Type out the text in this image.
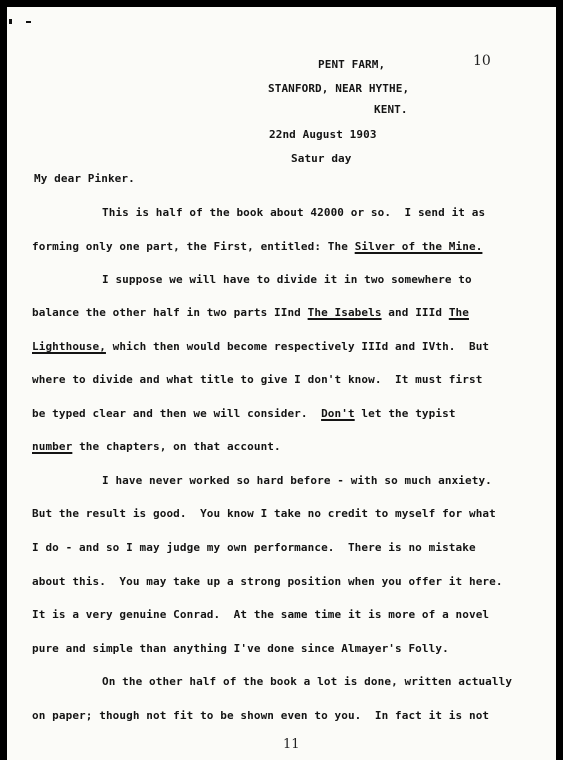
10
PENT FARM,
STANFORD, NEAR HYTHE,
KENT.
22nd August 1903
Satur day
My dear Pinker.
This is half of the book about 42000 or so.  I send it as
forming only one part, the First, entitled: The Silver of the Mine.
I suppose we will have to divide it in two somewhere to
balance the other half in two parts IInd The Isabels and IIId The
Lighthouse, which then would become respectively IIId and IVth.  But
where to divide and what title to give I don't know.  It must first
be typed clear and then we will consider.  Don't let the typist
number the chapters, on that account.
I have never worked so hard before - with so much anxiety.
But the result is good.  You know I take no credit to myself for what
I do - and so I may judge my own performance.  There is no mistake
about this.  You may take up a strong position when you offer it here.
It is a very genuine Conrad.  At the same time it is more of a novel
pure and simple than anything I've done since Almayer's Folly.
On the other half of the book a lot is done, written actually
on paper; though not fit to be shown even to you.  In fact it is not
11
